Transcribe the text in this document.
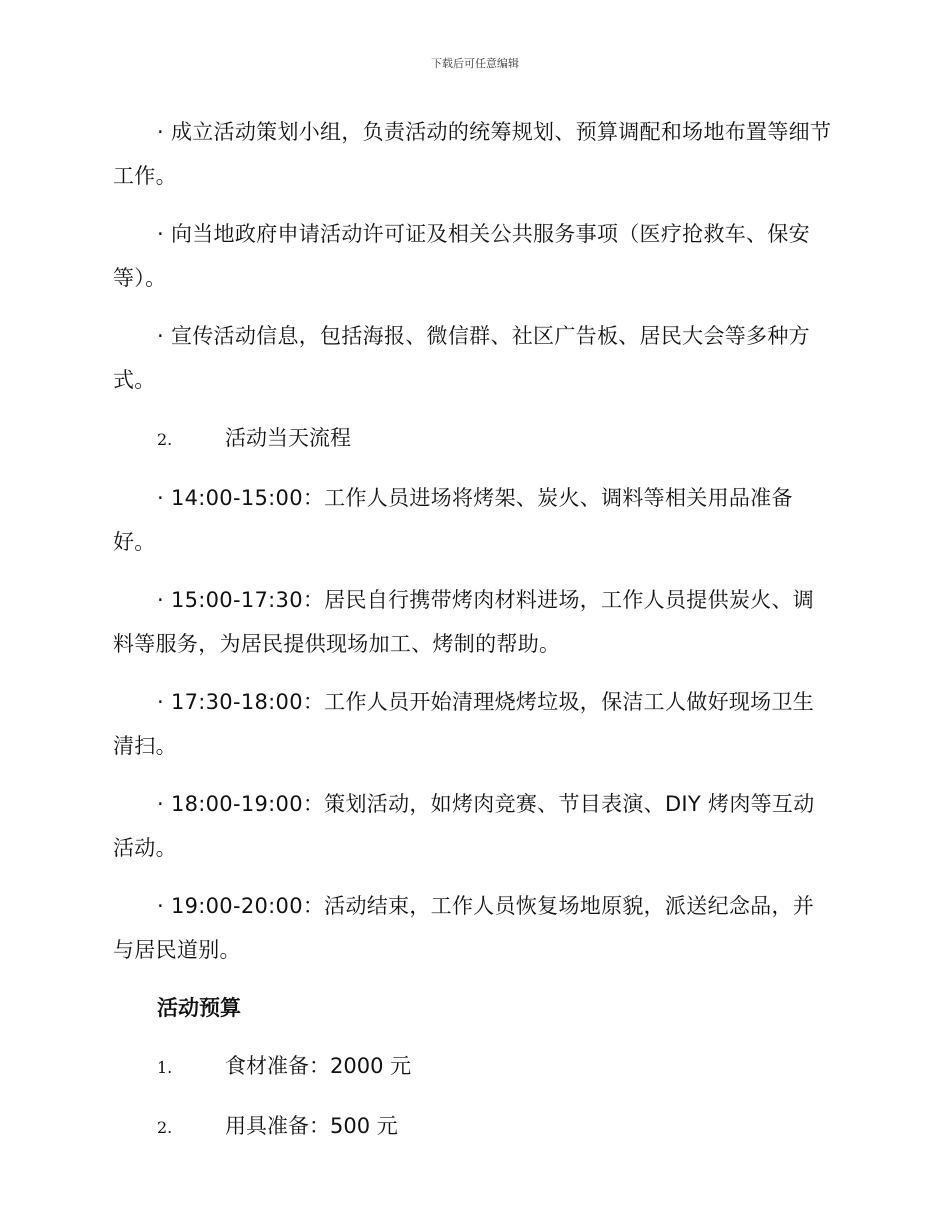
下载后可任意编辑

· 成立活动策划小组，负责活动的统筹规划、预算调配和场地布置等细节工作。

· 向当地政府申请活动许可证及相关公共服务事项（医疗抢救车、保安等）。

· 宣传活动信息，包括海报、微信群、社区广告板、居民大会等多种方式。

2.	活动当天流程

· 14:00-15:00：工作人员进场将烤架、炭火、调料等相关用品准备好。

· 15:00-17:30：居民自行携带烤肉材料进场，工作人员提供炭火、调料等服务，为居民提供现场加工、烤制的帮助。

· 17:30-18:00：工作人员开始清理烧烤垃圾，保洁工人做好现场卫生清扫。

· 18:00-19:00：策划活动，如烤肉竞赛、节目表演、DIY 烤肉等互动活动。

· 19:00-20:00：活动结束，工作人员恢复场地原貌，派送纪念品，并与居民道别。

活动预算
1.	食材准备：2000 元
2.	用具准备：500 元
